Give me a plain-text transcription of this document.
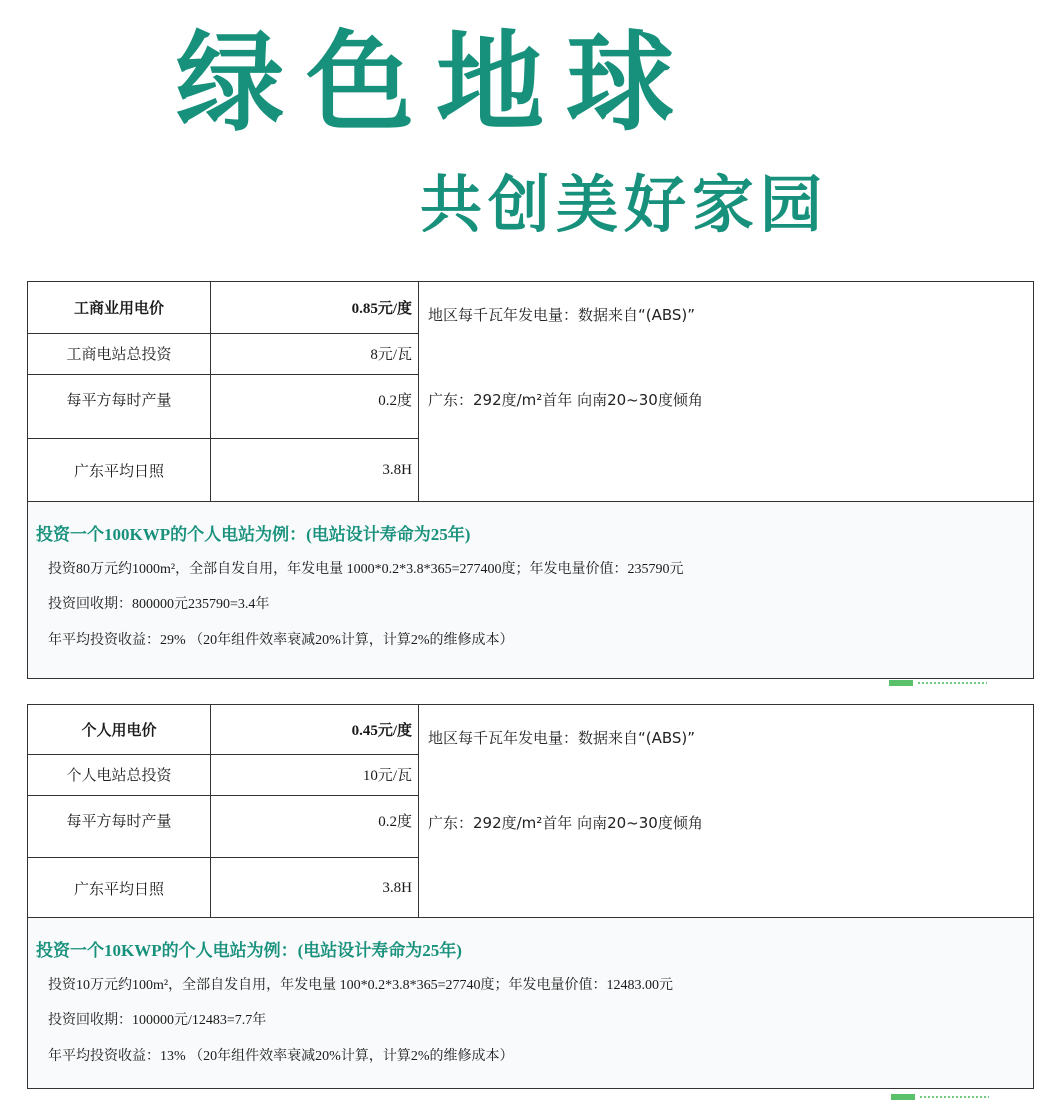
绿色地球
共创美好家园
工商业用电价	0.85元/度
工商电站总投资	8元/瓦
每平方每时产量	0.2度
广东平均日照	3.8H
地区每千瓦年发电量：数据来自“(ABS)”
广东：292度/m²首年 向南20~30度倾角
投资一个100KWP的个人电站为例：(电站设计寿命为25年)
投资80万元约1000m²，全部自发自用，年发电量 1000*0.2*3.8*365=277400度；年发电量价值：235790元
投资回收期：800000元235790=3.4年
年平均投资收益：29% （20年组件效率衰减20%计算，计算2%的维修成本）
个人用电价	0.45元/度
个人电站总投资	10元/瓦
每平方每时产量	0.2度
广东平均日照	3.8H
地区每千瓦年发电量：数据来自“(ABS)”
广东：292度/m²首年 向南20~30度倾角
投资一个10KWP的个人电站为例：(电站设计寿命为25年)
投资10万元约100m²，全部自发自用，年发电量 100*0.2*3.8*365=27740度；年发电量价值：12483.00元
投资回收期：100000元/12483=7.7年
年平均投资收益：13% （20年组件效率衰减20%计算，计算2%的维修成本）
